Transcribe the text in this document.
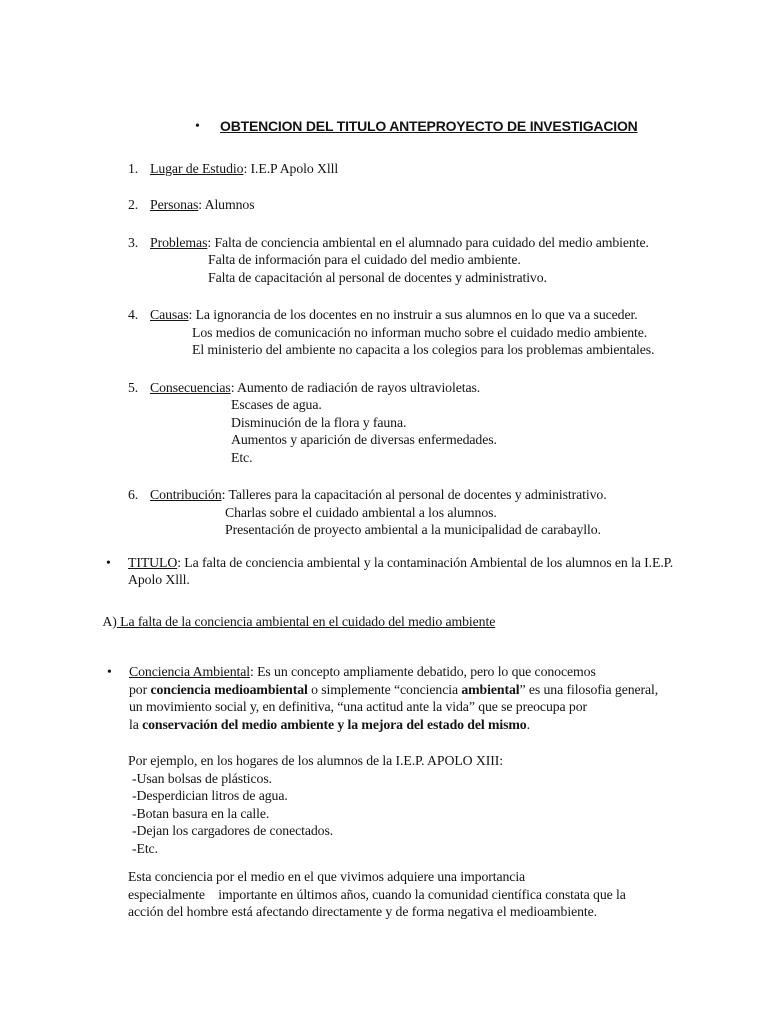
•	OBTENCION DEL TITULO ANTEPROYECTO DE INVESTIGACION
1. Lugar de Estudio: I.E.P Apolo Xlll
2. Personas: Alumnos
3. Problemas: Falta de conciencia ambiental en el alumnado para cuidado del medio ambiente.
Falta de información para el cuidado del medio ambiente.
Falta de capacitación al personal de docentes y administrativo.
4. Causas: La ignorancia de los docentes en no instruir a sus alumnos en lo que va a suceder.
Los medios de comunicación no informan mucho sobre el cuidado medio ambiente.
El ministerio del ambiente no capacita a los colegios para los problemas ambientales.
5. Consecuencias: Aumento de radiación de rayos ultravioletas.
Escases de agua.
Disminución de la flora y fauna.
Aumentos y aparición de diversas enfermedades.
Etc.
6. Contribución: Talleres para la capacitación al personal de docentes y administrativo.
Charlas sobre el cuidado ambiental a los alumnos.
Presentación de proyecto ambiental a la municipalidad de carabayllo.
•	TITULO: La falta de conciencia ambiental y la contaminación Ambiental de los alumnos en la I.E.P.
Apolo Xlll.

A) La falta de la conciencia ambiental en el cuidado del medio ambiente

•	Conciencia Ambiental: Es un concepto ampliamente debatido, pero lo que conocemos
por conciencia medioambiental o simplemente “conciencia ambiental” es una filosofia general,
un movimiento social y, en definitiva, “una actitud ante la vida” que se preocupa por
la conservación del medio ambiente y la mejora del estado del mismo.
Por ejemplo, en los hogares de los alumnos de la I.E.P. APOLO XIII:
-Usan bolsas de plásticos.
-Desperdician litros de agua.
-Botan basura en la calle.
-Dejan los cargadores de conectados.
-Etc.
Esta conciencia por el medio en el que vivimos adquiere una importancia
especialmente    importante en últimos años, cuando la comunidad científica constata que la
acción del hombre está afectando directamente y de forma negativa el medioambiente.
